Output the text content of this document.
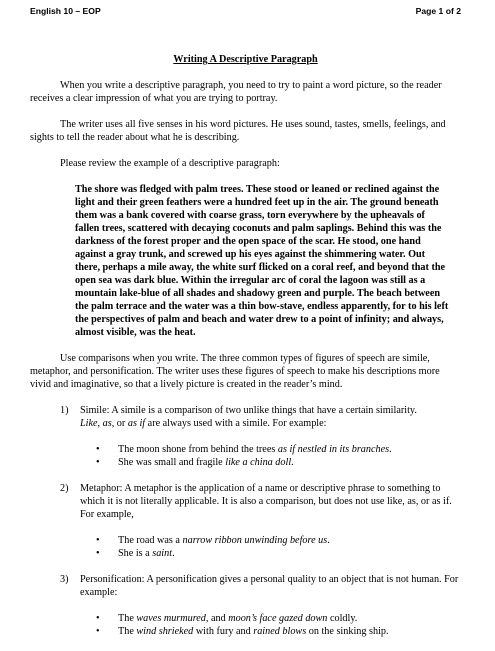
English 10 – EOP	Page 1 of 2
Writing A Descriptive Paragraph

When you write a descriptive paragraph, you need to try to paint a word picture, so the reader receives a clear impression of what you are trying to portray.

The writer uses all five senses in his word pictures. He uses sound, tastes, smells, feelings, and sights to tell the reader about what he is describing.

Please review the example of a descriptive paragraph:

The shore was fledged with palm trees. These stood or leaned or reclined against the light and their green feathers were a hundred feet up in the air. The ground beneath them was a bank covered with coarse grass, torn everywhere by the upheavals of fallen trees, scattered with decaying coconuts and palm saplings. Behind this was the darkness of the forest proper and the open space of the scar. He stood, one hand against a gray trunk, and screwed up his eyes against the shimmering water. Out there, perhaps a mile away, the white surf flicked on a coral reef, and beyond that the open sea was dark blue. Within the irregular arc of coral the lagoon was still as a mountain lake-blue of all shades and shadowy green and purple. The beach between the palm terrace and the water was a thin bow-stave, endless apparently, for to his left the perspectives of palm and beach and water drew to a point of infinity; and always, almost visible, was the heat.

Use comparisons when you write. The three common types of figures of speech are simile, metaphor, and personification. The writer uses these figures of speech to make his descriptions more vivid and imaginative, so that a lively picture is created in the reader’s mind.

1) Simile: A simile is a comparison of two unlike things that have a certain similarity.
Like, as, or as if are always used with a simile. For example:
• The moon shone from behind the trees as if nestled in its branches.
• She was small and fragile like a china doll.
2) Metaphor: A metaphor is the application of a name or descriptive phrase to something to which it is not literally applicable. It is also a comparison, but does not use like, as, or as if. For example,
• The road was a narrow ribbon unwinding before us.
• She is a saint.
3) Personification: A personification gives a personal quality to an object that is not human. For example:
• The waves murmured, and moon’s face gazed down coldly.
• The wind shrieked with fury and rained blows on the sinking ship.
